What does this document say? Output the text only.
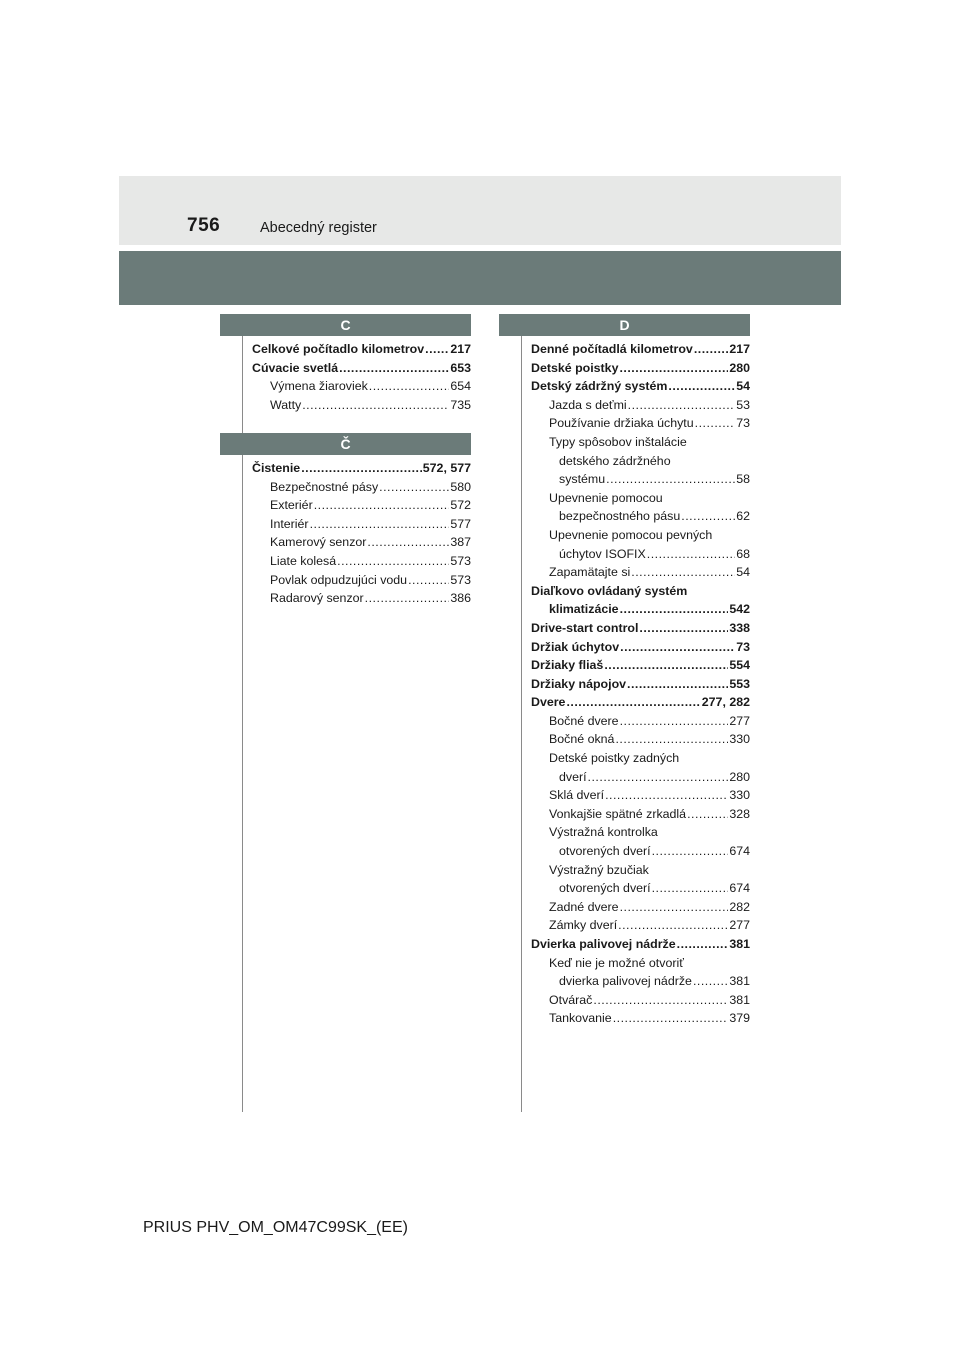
756	Abecedný register
C
Celkové počítadlo kilometrov ..... 217
Cúvacie svetlá .....	653
Výmena žiaroviek .....	654
Watty .....	735
Č
Čistenie .....	572, 577
Bezpečnostné pásy .....	580
Exteriér .....	572
Interiér .....	577
Kamerový senzor .....	387
Liate kolesá .....	573
Povlak odpudzujúci vodu .....	573
Radarový senzor .....	386
D
Denné počítadlá kilometrov .....	217
Detské poistky .....	280
Detský zádržný systém .....	54
Jazda s deťmi .....	53
Používanie držiaka úchytu .....	73
Typy spôsobov inštalácie
detského zádržného
systému .....	58
Upevnenie pomocou
bezpečnostného pásu .....	62
Upevnenie pomocou pevných
úchytov ISOFIX .....	68
Zapamätajte si .....	54
Diaľkovo ovládaný systém
klimatizácie .....	542
Drive-start control .....	338
Držiak úchytov .....	73
Držiaky fliaš .....	554
Držiaky nápojov .....	553
Dvere .....	277, 282
Bočné dvere .....	277
Bočné okná .....	330
Detské poistky zadných
dverí .....	280
Sklá dverí .....	330
Vonkajšie spätné zrkadlá .....	328
Výstražná kontrolka
otvorených dverí .....	674
Výstražný bzučiak
otvorených dverí .....	674
Zadné dvere .....	282
Zámky dverí .....	277
Dvierka palivovej nádrže .....	381
Keď nie je možné otvoriť
dvierka palivovej nádrže .....	381
Otvárač .....	381
Tankovanie .....	379
PRIUS PHV_OM_OM47C99SK_(EE)
